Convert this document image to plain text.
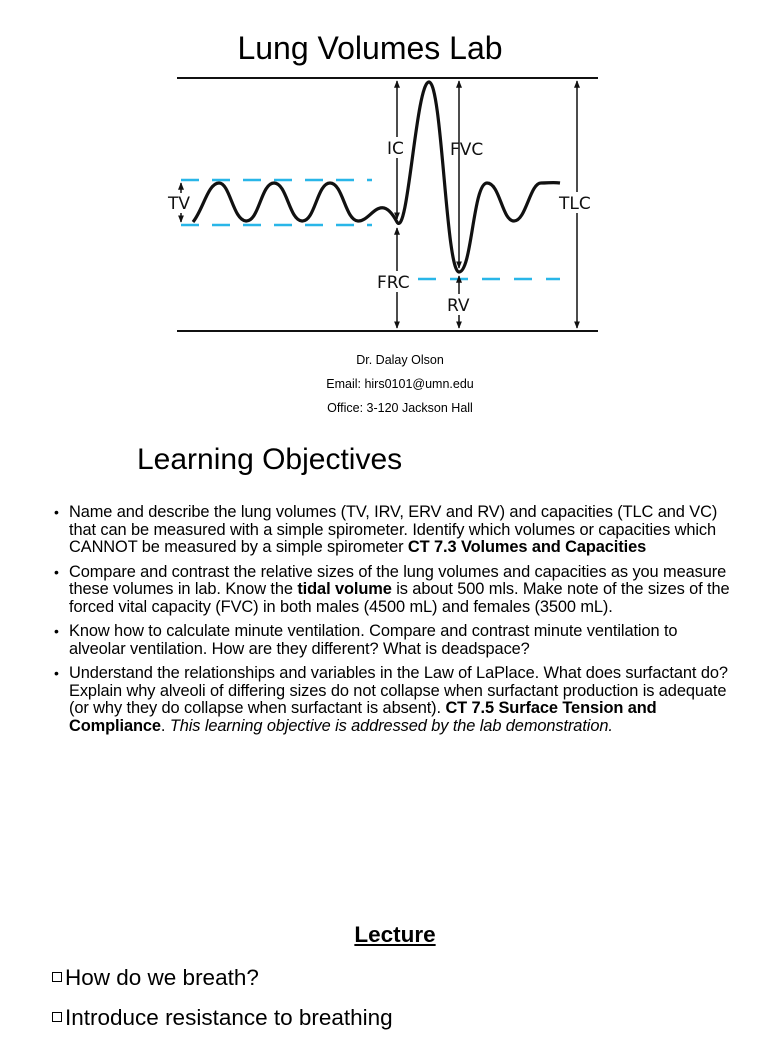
Lung Volumes Lab
TV
IC	FVC
TLC
FRC
RV
Dr. Dalay Olson
Email: hirs0101@umn.edu
Office: 3-120 Jackson Hall
Learning Objectives
• Name and describe the lung volumes (TV, IRV, ERV and RV) and capacities (TLC and VC) that can be measured with a simple spirometer. Identify which volumes or capacities which CANNOT be measured by a simple spirometer CT 7.3 Volumes and Capacities
• Compare and contrast the relative sizes of the lung volumes and capacities as you measure these volumes in lab. Know the tidal volume is about 500 mls. Make note of the sizes of the forced vital capacity (FVC) in both males (4500 mL) and females (3500 mL).
• Know how to calculate minute ventilation. Compare and contrast minute ventilation to alveolar ventilation. How are they different? What is deadspace?
• Understand the relationships and variables in the Law of LaPlace. What does surfactant do? Explain why alveoli of differing sizes do not collapse when surfactant production is adequate (or why they do collapse when surfactant is absent). CT 7.5 Surface Tension and Compliance. This learning objective is addressed by the lab demonstration.
Lecture
How do we breath?
Introduce resistance to breathing
